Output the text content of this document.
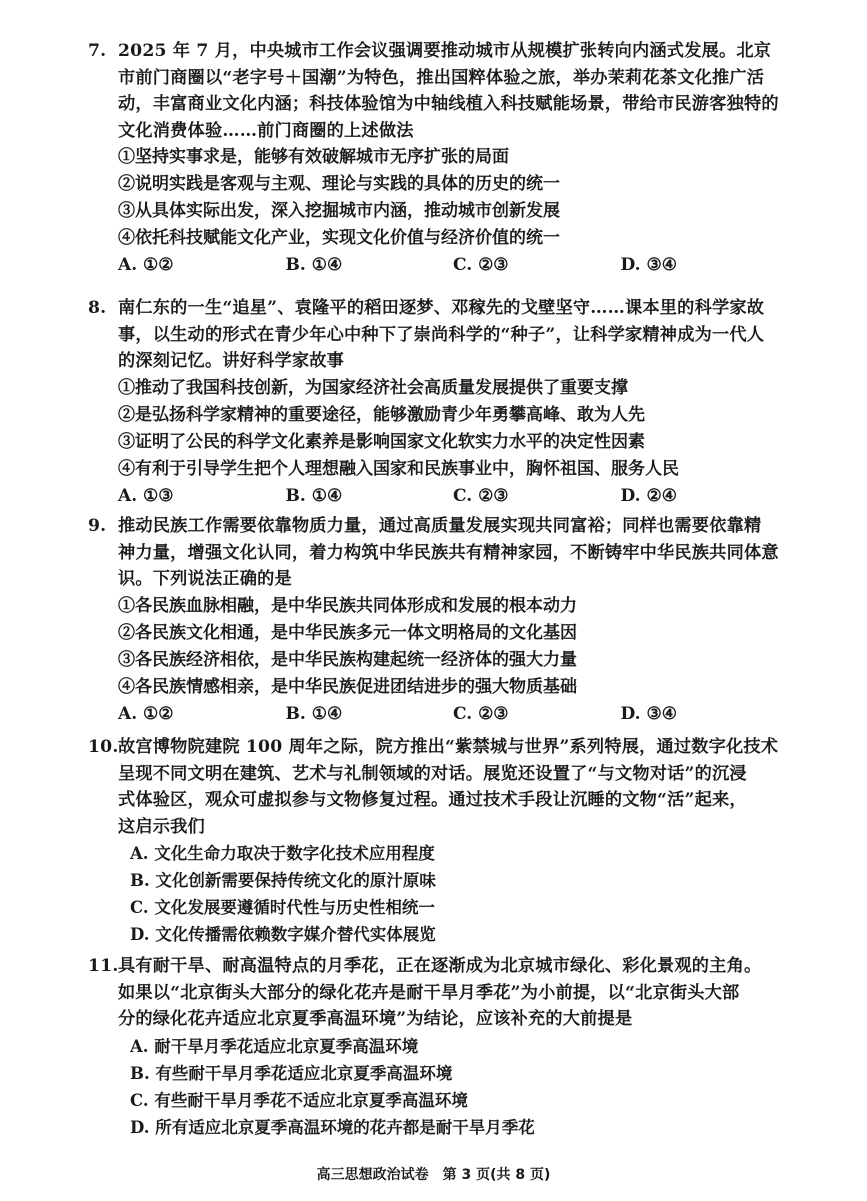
7. 2025 年 7 月，中央城市工作会议强调要推动城市从规模扩张转向内涵式发展。北京
市前门商圈以“老字号＋国潮”为特色，推出国粹体验之旅，举办茉莉花茶文化推广活
动，丰富商业文化内涵；科技体验馆为中轴线植入科技赋能场景，带给市民游客独特的
文化消费体验……前门商圈的上述做法
①坚持实事求是，能够有效破解城市无序扩张的局面
②说明实践是客观与主观、理论与实践的具体的历史的统一
③从具体实际出发，深入挖掘城市内涵，推动城市创新发展
④依托科技赋能文化产业，实现文化价值与经济价值的统一
A. ①②	B. ①④	C. ②③	D. ③④
8. 南仁东的一生“追星”、袁隆平的稻田逐梦、邓稼先的戈壁坚守……课本里的科学家故
事，以生动的形式在青少年心中种下了崇尚科学的“种子”，让科学家精神成为一代人
的深刻记忆。讲好科学家故事
①推动了我国科技创新，为国家经济社会高质量发展提供了重要支撑
②是弘扬科学家精神的重要途径，能够激励青少年勇攀高峰、敢为人先
③证明了公民的科学文化素养是影响国家文化软实力水平的决定性因素
④有利于引导学生把个人理想融入国家和民族事业中，胸怀祖国、服务人民
A. ①③	B. ①④	C. ②③	D. ②④
9. 推动民族工作需要依靠物质力量，通过高质量发展实现共同富裕；同样也需要依靠精
神力量，增强文化认同，着力构筑中华民族共有精神家园，不断铸牢中华民族共同体意
识。下列说法正确的是
①各民族血脉相融，是中华民族共同体形成和发展的根本动力
②各民族文化相通，是中华民族多元一体文明格局的文化基因
③各民族经济相依，是中华民族构建起统一经济体的强大力量
④各民族情感相亲，是中华民族促进团结进步的强大物质基础
A. ①②	B. ①④	C. ②③	D. ③④
10.故宫博物院建院 100 周年之际，院方推出“紫禁城与世界”系列特展，通过数字化技术
呈现不同文明在建筑、艺术与礼制领域的对话。展览还设置了“与文物对话”的沉浸
式体验区，观众可虚拟参与文物修复过程。通过技术手段让沉睡的文物“活”起来，
这启示我们
A. 文化生命力取决于数字化技术应用程度
B. 文化创新需要保持传统文化的原汁原味
C. 文化发展要遵循时代性与历史性相统一
D. 文化传播需依赖数字媒介替代实体展览
11.具有耐干旱、耐高温特点的月季花，正在逐渐成为北京城市绿化、彩化景观的主角。
如果以“北京街头大部分的绿化花卉是耐干旱月季花”为小前提，以“北京街头大部
分的绿化花卉适应北京夏季高温环境”为结论，应该补充的大前提是
A. 耐干旱月季花适应北京夏季高温环境
B. 有些耐干旱月季花适应北京夏季高温环境
C. 有些耐干旱月季花不适应北京夏季高温环境
D. 所有适应北京夏季高温环境的花卉都是耐干旱月季花
高三思想政治试卷　第 3 页(共 8 页)
